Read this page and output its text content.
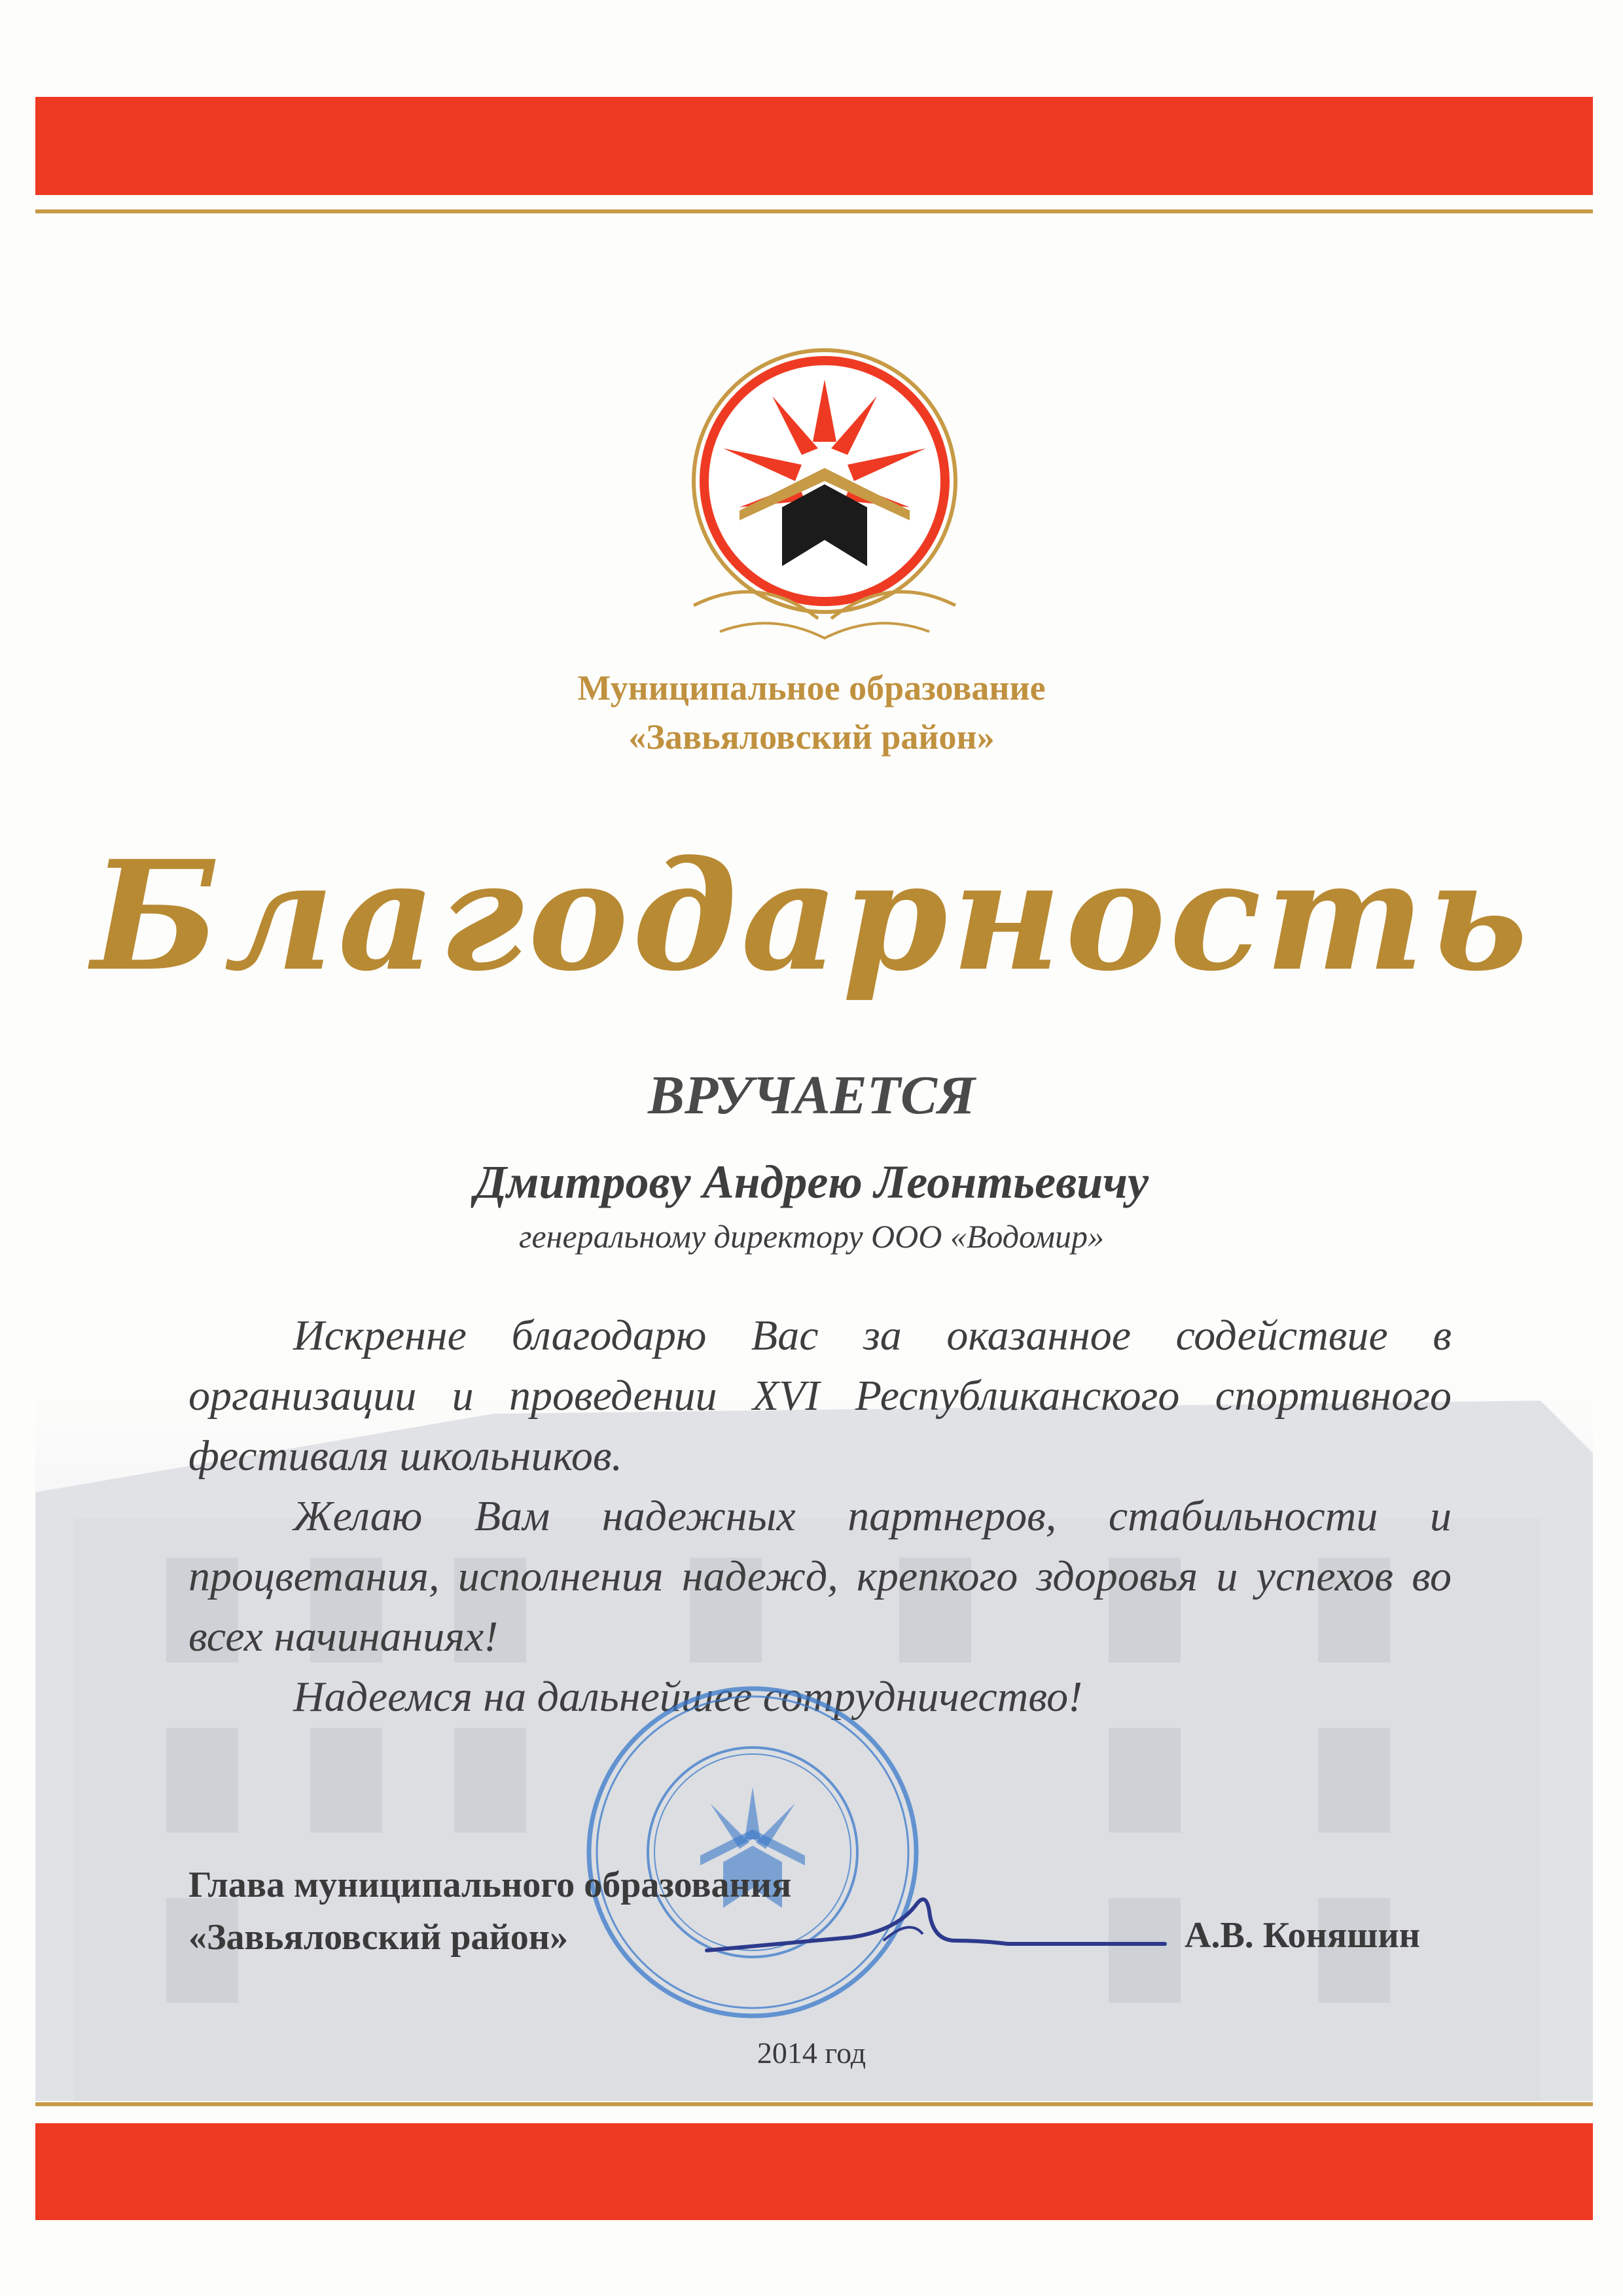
Муниципальное образование
«Завьяловский район»
Благодарность
ВРУЧАЕТСЯ
Дмитрову Андрею Леонтьевичу
генеральному директору ООО «Водомир»

Искренне благодарю Вас за оказанное содействие в организации и проведении XVI Республиканского спортивного фестиваля школьников.

Желаю Вам надежных партнеров, стабильности и процветания, исполнения надежд, крепкого здоровья и успехов во всех начинаниях!

Надеемся на дальнейшее сотрудничество!

Глава муниципального образования
«Завьяловский район»	А.В. Коняшин
2014 год
